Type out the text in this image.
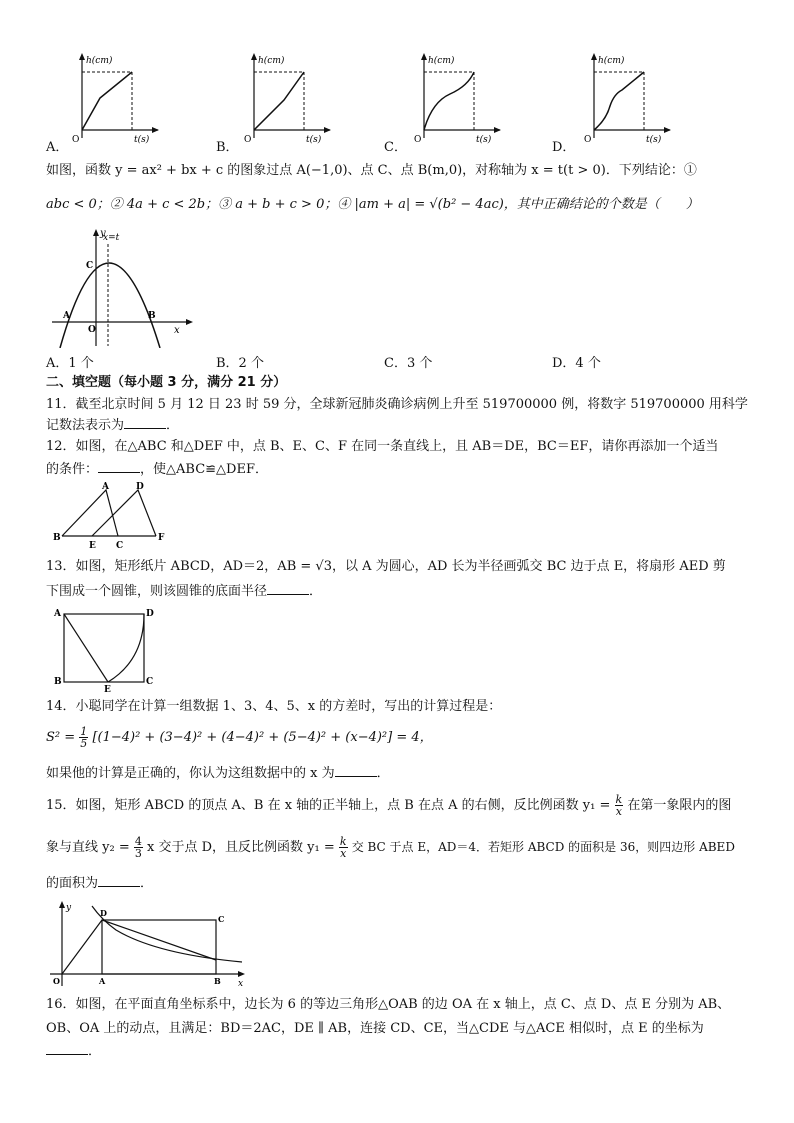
h(cm)
t(s)
O
A．
h(cm)
t(s)
O
B．
h(cm)
t(s)
O
C．
h(cm)
t(s)
O
D．
如图，函数 y = ax² + bx + c 的图象过点 A(−1,0)、点 C、点 B(m,0)，对称轴为 x = t(t > 0)．下列结论：①
abc < 0；② 4a + c < 2b；③ a + b + c > 0；④ |am + a| = √(b² − 4ac)，其中正确结论的个数是（　　）
x=t
y
x
C
A
O
B
A．1 个	B．2 个	C．3 个	D．4 个
二、填空题（每小题 3 分，满分 21 分）
11．截至北京时间 5 月 12 日 23 时 59 分，全球新冠肺炎确诊病例上升至 519700000 例，将数字 519700000 用科学
记数法表示为	．
12．如图，在△ABC 和△DEF 中，点 B、E、C、F 在同一条直线上，且 AB＝DE，BC＝EF，请你再添加一个适当
的条件：	，使△ABC≌△DEF．
A	D
B
E C
F
13．如图，矩形纸片 ABCD，AD＝2，AB = √3，以 A 为圆心，AD 长为半径画弧交 BC 边于点 E，将扇形 AED 剪
下围成一个圆锥，则该圆锥的底面半径	．
A	D
B
E
C
14．小聪同学在计算一组数据 1、3、4、5、x 的方差时，写出的计算过程是：
$S^2 = \frac{1}{5} [(1-4)^2 + (3-4)^2 + (4-4)^2 + (5-4)^2 + (x-4)^2] = 4$，
如果他的计算是正确的，你认为这组数据中的 x 为	．
15．如图，矩形 ABCD 的顶点 A、B 在 x 轴的正半轴上，点 B 在点 A 的右侧，反比例函数 $y_1 = \frac{k}{x}$ 在第一象限内的图
象与直线 $y_2 = \frac{4}{3}$ x 交于点 D，且反比例函数 $y_1 = \frac{k}{x}$ 交 BC 于点 E，AD＝4．若矩形 ABCD 的面积是 36，则四边形 ABED
的面积为	．
y
x
D
C
O	A	B
16．如图，在平面直角坐标系中，边长为 6 的等边三角形△OAB 的边 OA 在 x 轴上，点 C、点 D、点 E 分别为 AB、
OB、OA 上的动点，且满足：BD＝2AC，DE ∥ AB，连接 CD、CE，当△CDE 与△ACE 相似时，点 E 的坐标为
．
